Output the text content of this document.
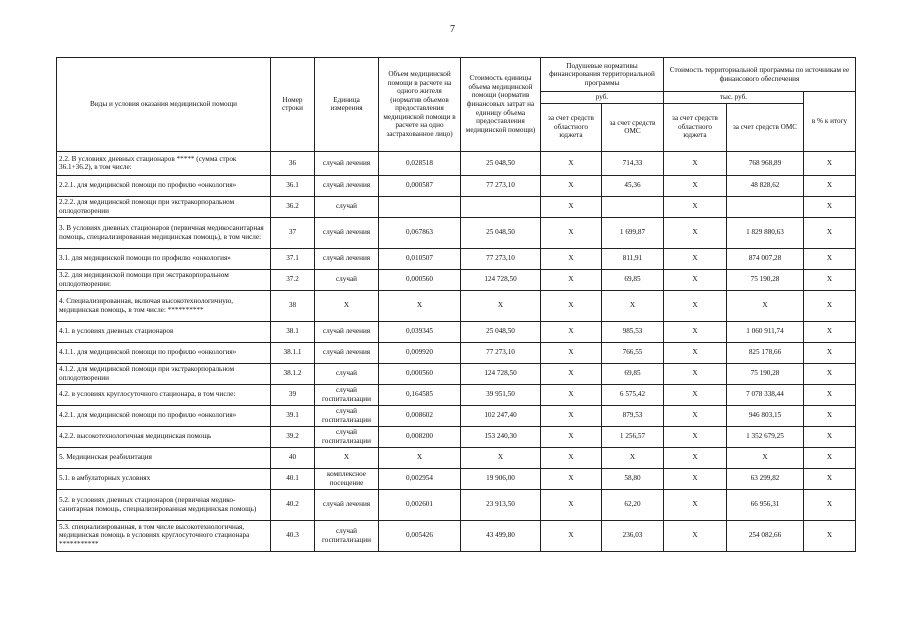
7
Виды и условия оказания медицинской помощи	Номер строки	Единица измерения	Объем медицинской помощи в расчете на одного жителя (норматив объемов предоставления медицинской помощи в расчете на одно застрахованное лицо)	Стоимость единицы объема медицинской помощи (норматив финансовых затрат на единицу объема предоставления медицинской помощи)	Подушевые нормативы финансирования территориальной программы		Стоимость территориальной программы по источникам ее финансового обеспечения		
					руб.		тыс. руб.		в % к итогу
					за счет средств областного юджета	за счет средств ОМС	за счет средств областного юджета	за счет средств ОМС	
2.2. В условиях дневных стационаров ***** (сумма строк 36.1+36.2), в том числе:	36	случай лечения	0,028518	25 048,50	X	714,33	X	768 968,89	X
2.2.1. для медицинской помощи по профилю «онкология»	36.1	случай лечения	0,000587	77 273,10	X	45,36	X	48 828,62	X
2.2.2. для медицинской помощи при экстракорпоральном оплодотворении	36.2	случай			X		X		X
3. В условиях дневных стационаров (первичная медикосанитарная помощь, специализированная медицинская помощь), в том числе:	37	случай лечения	0,067863	25 048,50	X	1 699,87	X	1 829 880,63	X
3.1. для медицинской помощи по профилю «онкология»	37.1	случай лечения	0,010507	77 273,10	X	811,91	X	874 007,28	X
3.2. для медицинской помощи при экстракорпоральном оплодотворении:	37.2	случай	0,000560	124 728,50	X	69,85	X	75 190,28	X
4. Специализированная, включая высокотехнологичную, медицинская помощь, в том числе: **********	38	X	X	X	X	X	X	X	X
4.1. в условиях дневных стационаров	38.1	случай лечения	0,039345	25 048,50	X	985,53	X	1 060 911,74	X
4.1.1. для медицинской помощи по профилю «онкология»	38.1.1	случай лечения	0,009920	77 273,10	X	766,55	X	825 178,66	X
4.1.2. для медицинской помощи при экстракорпоральном оплодотворении	38.1.2	случай	0,000560	124 728,50	X	69,85	X	75 190,28	X
4.2. в условиях круглосуточного стационара, в том числе:	39	случай госпитализации	0,164585	39 951,50	X	6 575,42	X	7 078 338,44	X
4.2.1. для медицинской помощи по профилю «онкология»	39.1	случай госпитализации	0,008602	102 247,40	X	879,53	X	946 803,15	X
4.2.2. высокотехнологичная медицинская помощь	39.2	случай госпитализации	0,008200	153 240,30	X	1 256,57	X	1 352 679,25	X
5. Медицинская реабилитация	40	X	X	X	X	X	X	X	X
5.1. в амбулаторных условиях	40.1	комплексное посещение	0,002954	19 906,00	X	58,80	X	63 299,82	X
5.2. в условиях дневных стационаров (первичная медико-санитарная помощь, специализированная медицинская помощь)	40.2	случай лечения	0,002601	23 913,50	X	62,20	X	66 956,31	X
5.3. специализированная, в том числе высокотехнологичная, медицинская помощь в условиях круглосуточного стационара ***********	40.3	случай госпитализации	0,005426	43 499,80	X	236,03	X	254 082,66	X
